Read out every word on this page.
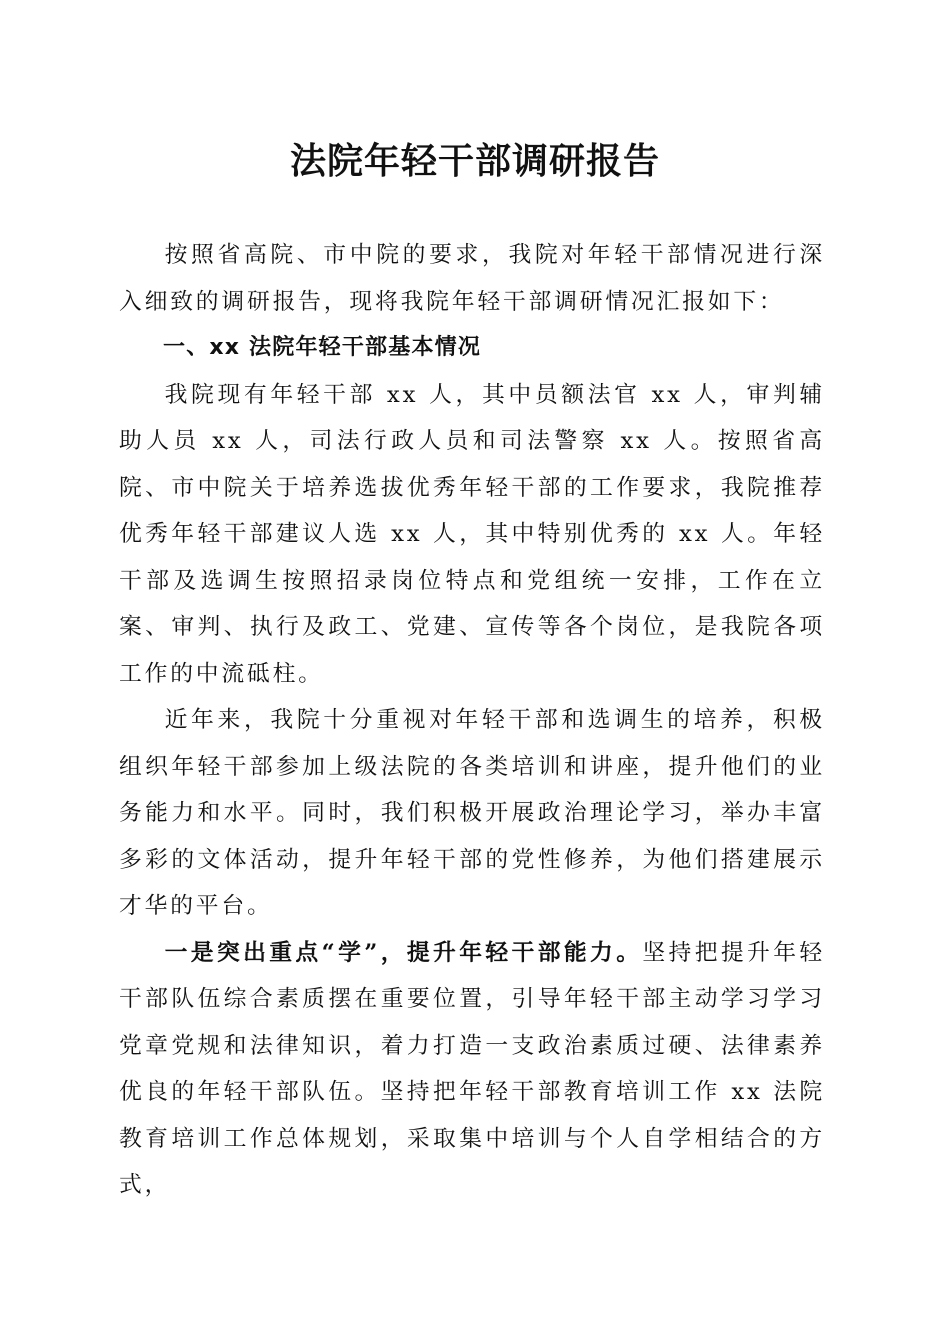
法院年轻干部调研报告

按照省高院、市中院的要求，我院对年轻干部情况进行深入细致的调研报告，现将我院年轻干部调研情况汇报如下：

一、xx 法院年轻干部基本情况

我院现有年轻干部 xx 人，其中员额法官 xx 人，审判辅助人员 xx 人，司法行政人员和司法警察 xx 人。按照省高院、市中院关于培养选拔优秀年轻干部的工作要求，我院推荐优秀年轻干部建议人选 xx 人，其中特别优秀的 xx 人。年轻干部及选调生按照招录岗位特点和党组统一安排，工作在立案、审判、执行及政工、党建、宣传等各个岗位，是我院各项工作的中流砥柱。

近年来，我院十分重视对年轻干部和选调生的培养，积极组织年轻干部参加上级法院的各类培训和讲座，提升他们的业务能力和水平。同时，我们积极开展政治理论学习，举办丰富多彩的文体活动，提升年轻干部的党性修养，为他们搭建展示才华的平台。

一是突出重点“学”，提升年轻干部能力。坚持把提升年轻干部队伍综合素质摆在重要位置，引导年轻干部主动学习学习党章党规和法律知识，着力打造一支政治素质过硬、法律素养优良的年轻干部队伍。坚持把年轻干部教育培训工作 xx 法院教育培训工作总体规划，采取集中培训与个人自学相结合的方式，
